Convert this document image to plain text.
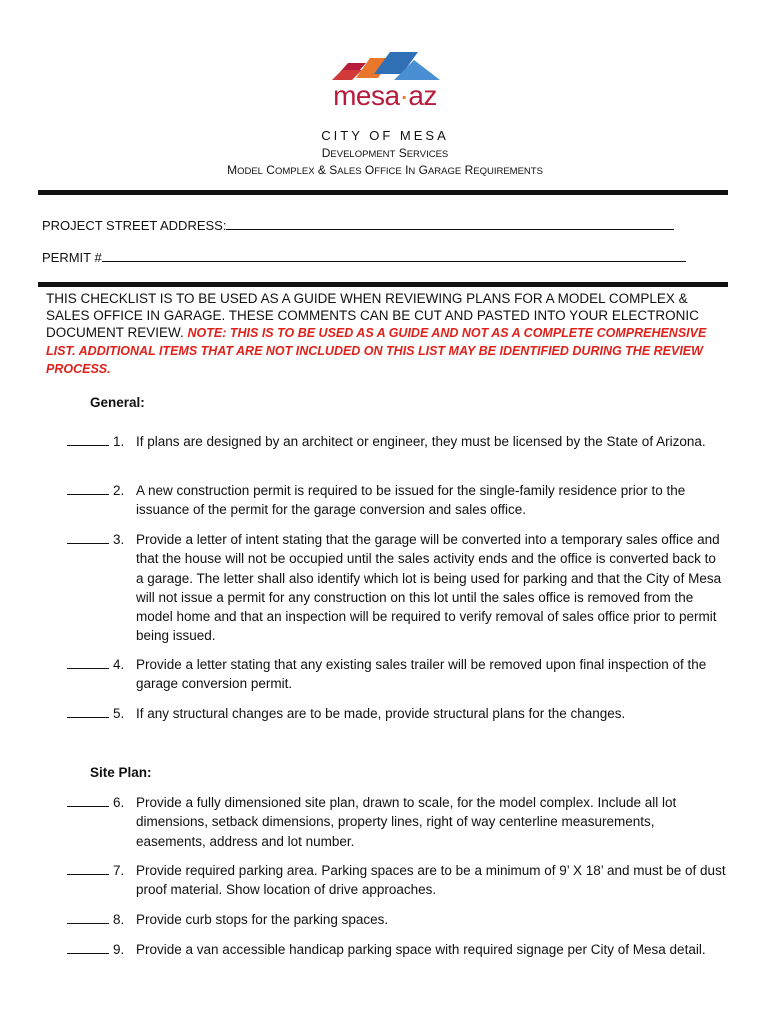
mesa·az
CITY OF MESA
DEVELOPMENT SERVICES
MODEL COMPLEX & SALES OFFICE IN GARAGE REQUIREMENTS
PROJECT STREET ADDRESS:
PERMIT #
THIS CHECKLIST IS TO BE USED AS A GUIDE WHEN REVIEWING PLANS FOR A MODEL COMPLEX & SALES OFFICE IN GARAGE. THESE COMMENTS CAN BE CUT AND PASTED INTO YOUR ELECTRONIC DOCUMENT REVIEW. NOTE: THIS IS TO BE USED AS A GUIDE AND NOT AS A COMPLETE COMPREHENSIVE LIST. ADDITIONAL ITEMS THAT ARE NOT INCLUDED ON THIS LIST MAY BE IDENTIFIED DURING THE REVIEW PROCESS.
General:
1. If plans are designed by an architect or engineer, they must be licensed by the State of Arizona.
2. A new construction permit is required to be issued for the single-family residence prior to the issuance of the permit for the garage conversion and sales office.
3. Provide a letter of intent stating that the garage will be converted into a temporary sales office and that the house will not be occupied until the sales activity ends and the office is converted back to a garage. The letter shall also identify which lot is being used for parking and that the City of Mesa will not issue a permit for any construction on this lot until the sales office is removed from the model home and that an inspection will be required to verify removal of sales office prior to permit being issued.
4. Provide a letter stating that any existing sales trailer will be removed upon final inspection of the garage conversion permit.
5. If any structural changes are to be made, provide structural plans for the changes.
Site Plan:
6. Provide a fully dimensioned site plan, drawn to scale, for the model complex. Include all lot dimensions, setback dimensions, property lines, right of way centerline measurements, easements, address and lot number.
7. Provide required parking area. Parking spaces are to be a minimum of 9’ X 18’ and must be of dust proof material. Show location of drive approaches.
8. Provide curb stops for the parking spaces.
9. Provide a van accessible handicap parking space with required signage per City of Mesa detail.
